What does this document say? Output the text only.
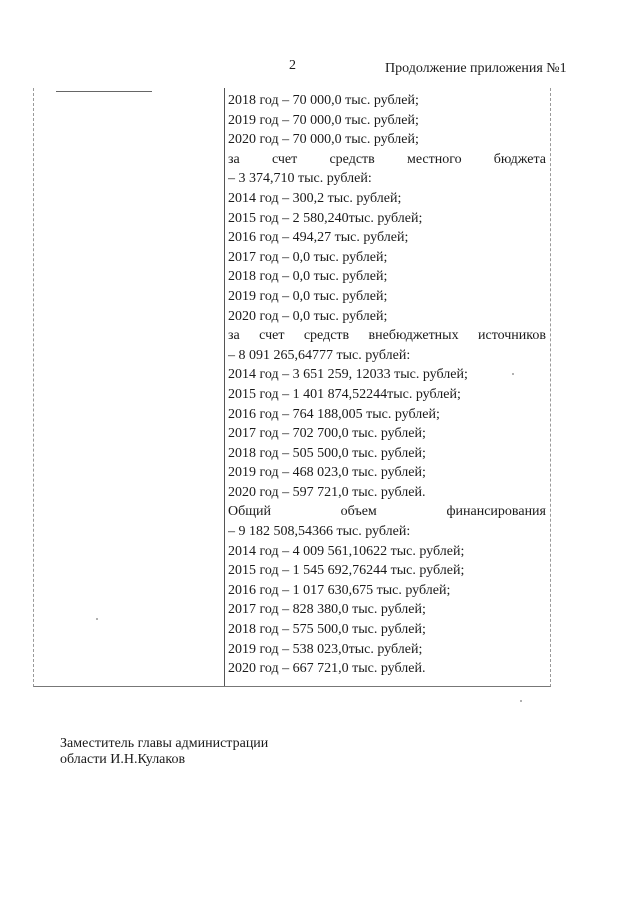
2	Продолжение приложения №1
2018 год – 70 000,0 тыс. рублей;
2019 год – 70 000,0 тыс. рублей;
2020 год – 70 000,0 тыс. рублей;
за счет средств местного бюджета
– 3 374,710 тыс. рублей:
2014 год – 300,2 тыс. рублей;
2015 год – 2 580,240тыс. рублей;
2016 год – 494,27 тыс. рублей;
2017 год – 0,0 тыс. рублей;
2018 год – 0,0 тыс. рублей;
2019 год – 0,0 тыс. рублей;
2020 год – 0,0 тыс. рублей;
за счет средств внебюджетных источников
– 8 091 265,64777 тыс. рублей:
2014 год – 3 651 259, 12033 тыс. рублей;
2015 год – 1 401 874,52244тыс. рублей;
2016 год – 764 188,005 тыс. рублей;
2017 год – 702 700,0 тыс. рублей;
2018 год – 505 500,0 тыс. рублей;
2019 год – 468 023,0 тыс. рублей;
2020 год – 597 721,0 тыс. рублей.
Общий объем финансирования
– 9 182 508,54366 тыс. рублей:
2014 год – 4 009 561,10622 тыс. рублей;
2015 год – 1 545 692,76244 тыс. рублей;
2016 год – 1 017 630,675 тыс. рублей;
2017 год – 828 380,0 тыс. рублей;
2018 год – 575 500,0 тыс. рублей;
2019 год – 538 023,0тыс. рублей;
2020 год – 667 721,0 тыс. рублей.
Заместитель главы администрации
области И.Н.Кулаков
